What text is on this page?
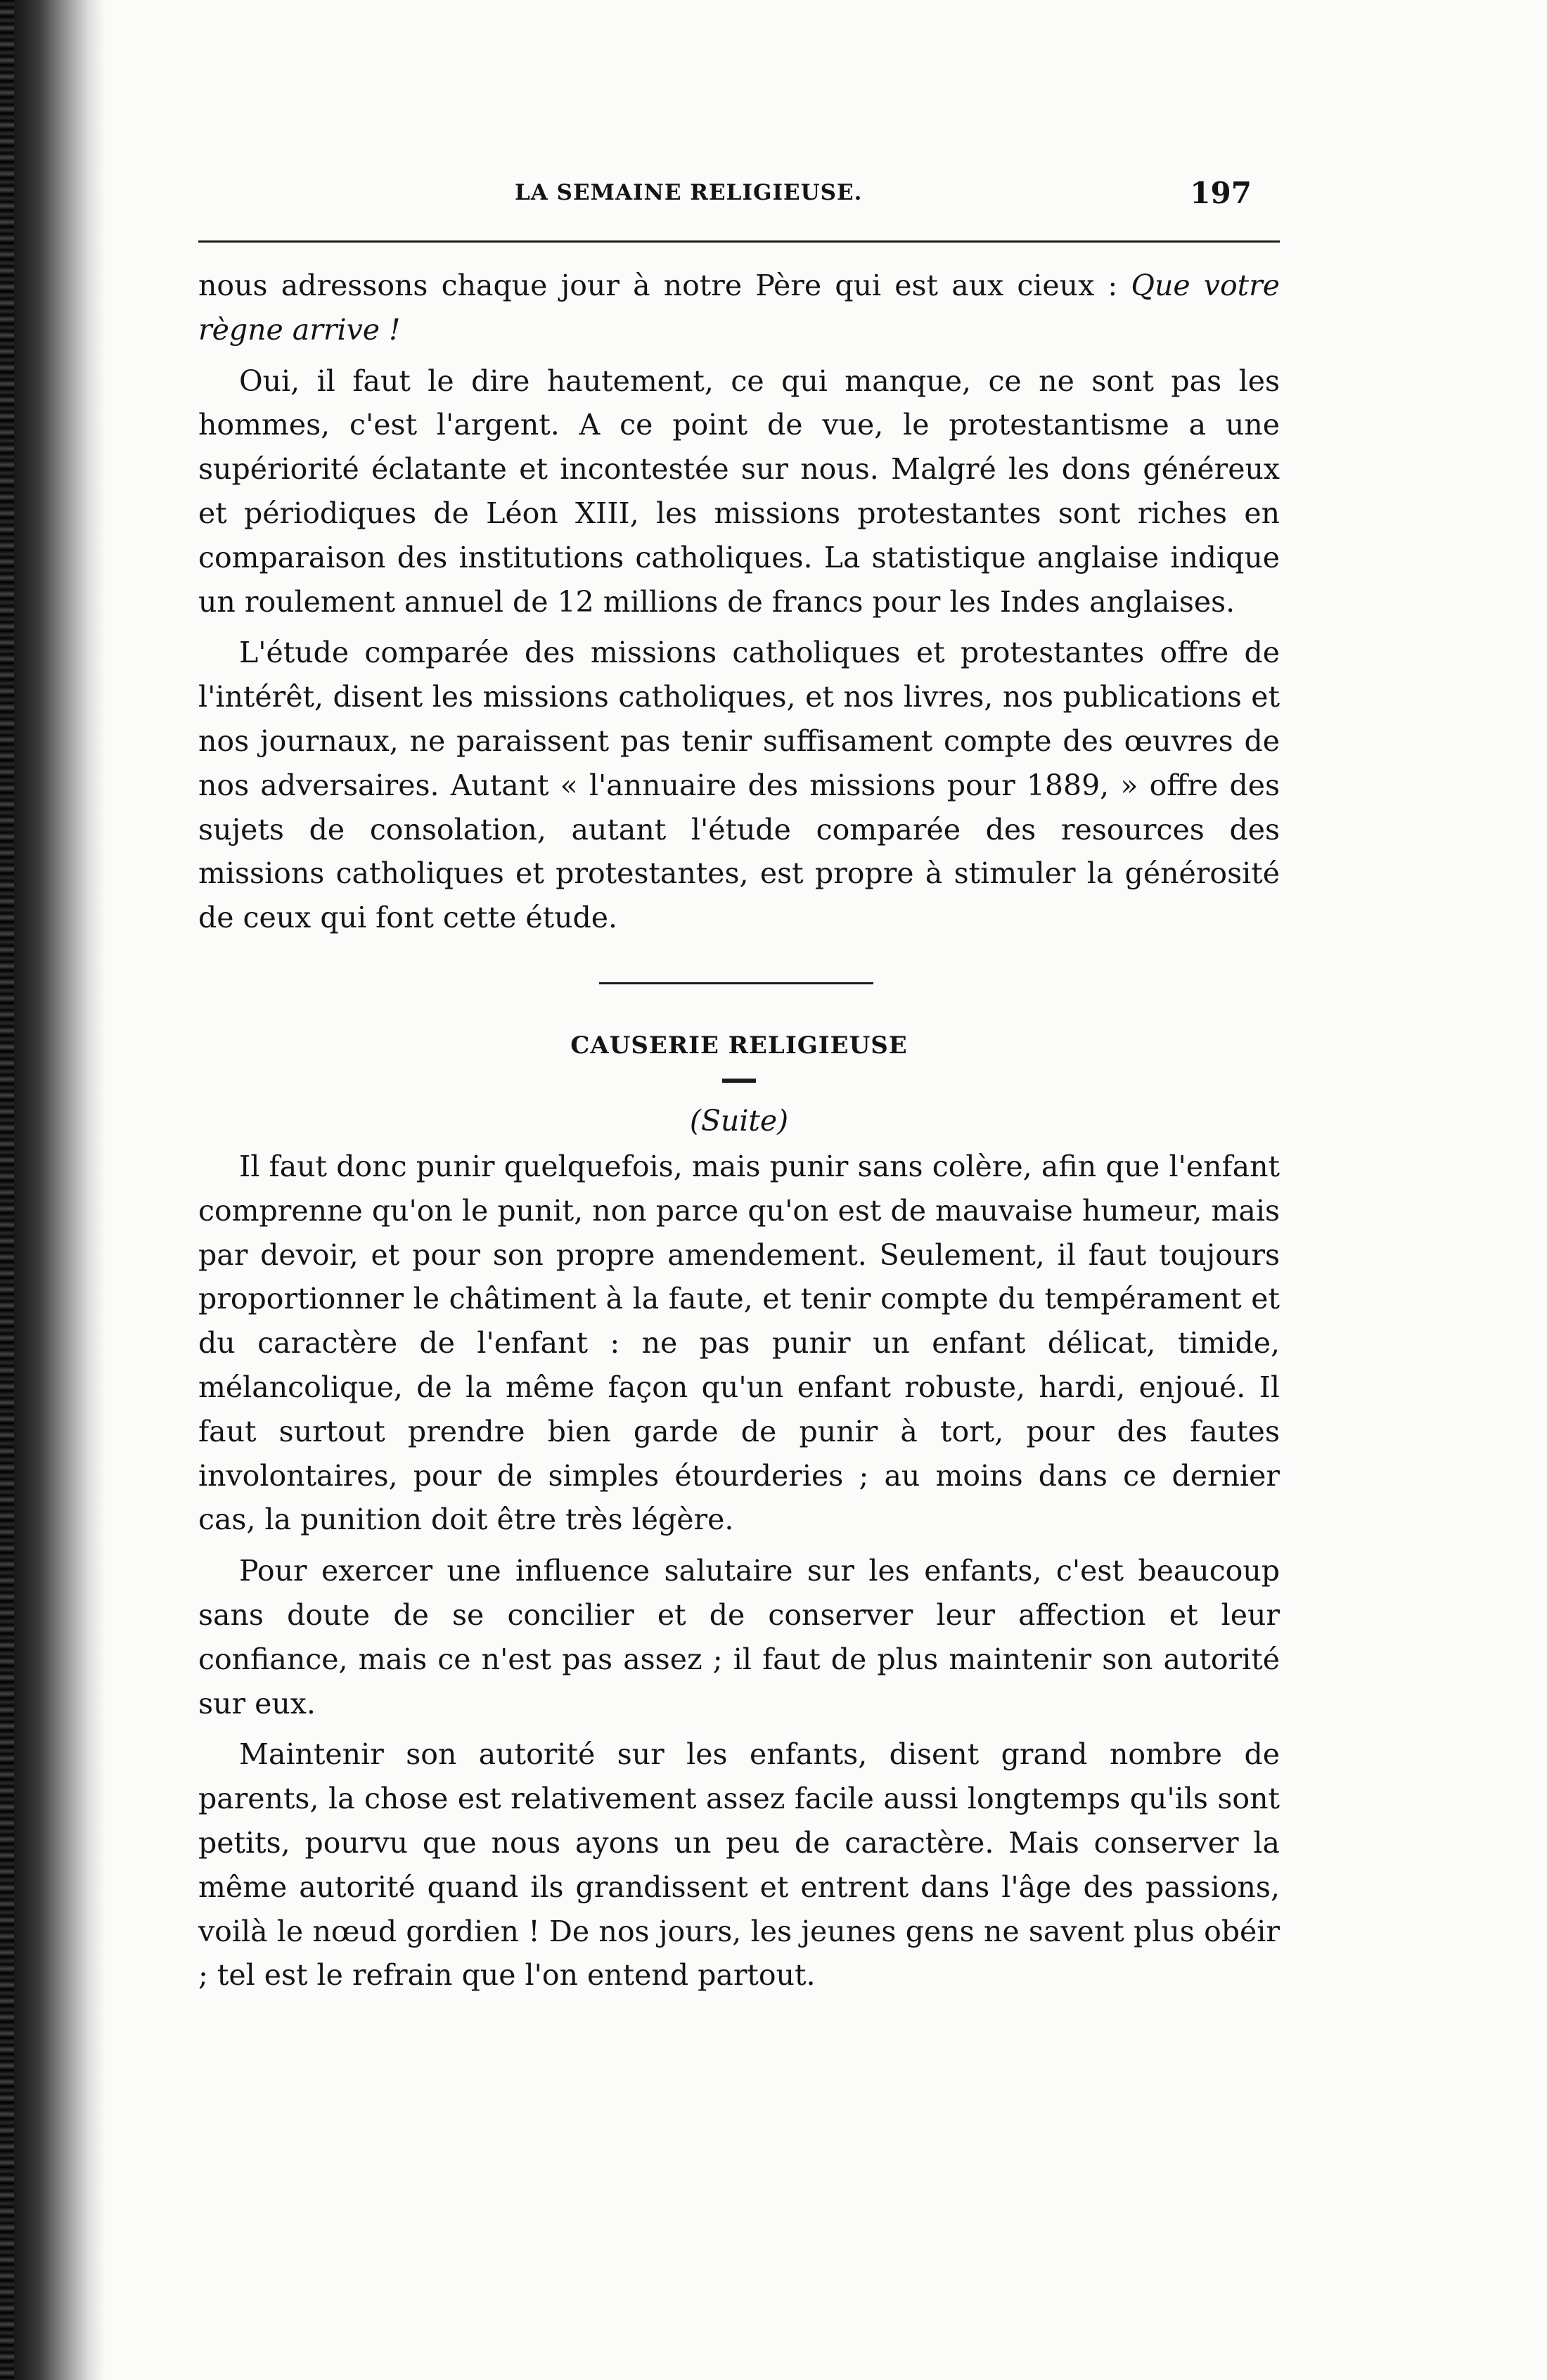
LA SEMAINE RELIGIEUSE.	197

nous adressons chaque jour à notre Père qui est aux cieux : Que votre règne arrive !

Oui, il faut le dire hautement, ce qui manque, ce ne sont pas les hommes, c'est l'argent. A ce point de vue, le protestantisme a une supériorité éclatante et incontestée sur nous. Malgré les dons généreux et périodiques de Léon XIII, les missions protestantes sont riches en comparaison des institutions catholiques. La statistique anglaise indique un roulement annuel de 12 millions de francs pour les Indes anglaises.

L'étude comparée des missions catholiques et protestantes offre de l'intérêt, disent les missions catholiques, et nos livres, nos publications et nos journaux, ne paraissent pas tenir suffisament compte des œuvres de nos adversaires. Autant « l'annuaire des missions pour 1889, » offre des sujets de consolation, autant l'étude comparée des resources des missions catholiques et protestantes, est propre à stimuler la générosité de ceux qui font cette étude.

CAUSERIE RELIGIEUSE
(Suite)

Il faut donc punir quelquefois, mais punir sans colère, afin que l'enfant comprenne qu'on le punit, non parce qu'on est de mauvaise humeur, mais par devoir, et pour son propre amendement. Seulement, il faut toujours proportionner le châtiment à la faute, et tenir compte du tempérament et du caractère de l'enfant : ne pas punir un enfant délicat, timide, mélancolique, de la même façon qu'un enfant robuste, hardi, enjoué. Il faut surtout prendre bien garde de punir à tort, pour des fautes involontaires, pour de simples étourderies ; au moins dans ce dernier cas, la punition doit être très légère.

Pour exercer une influence salutaire sur les enfants, c'est beaucoup sans doute de se concilier et de conserver leur affection et leur confiance, mais ce n'est pas assez ; il faut de plus maintenir son autorité sur eux.

Maintenir son autorité sur les enfants, disent grand nombre de parents, la chose est relativement assez facile aussi longtemps qu'ils sont petits, pourvu que nous ayons un peu de caractère. Mais conserver la même autorité quand ils grandissent et entrent dans l'âge des passions, voilà le nœud gordien ! De nos jours, les jeunes gens ne savent plus obéir ; tel est le refrain que l'on entend partout.
